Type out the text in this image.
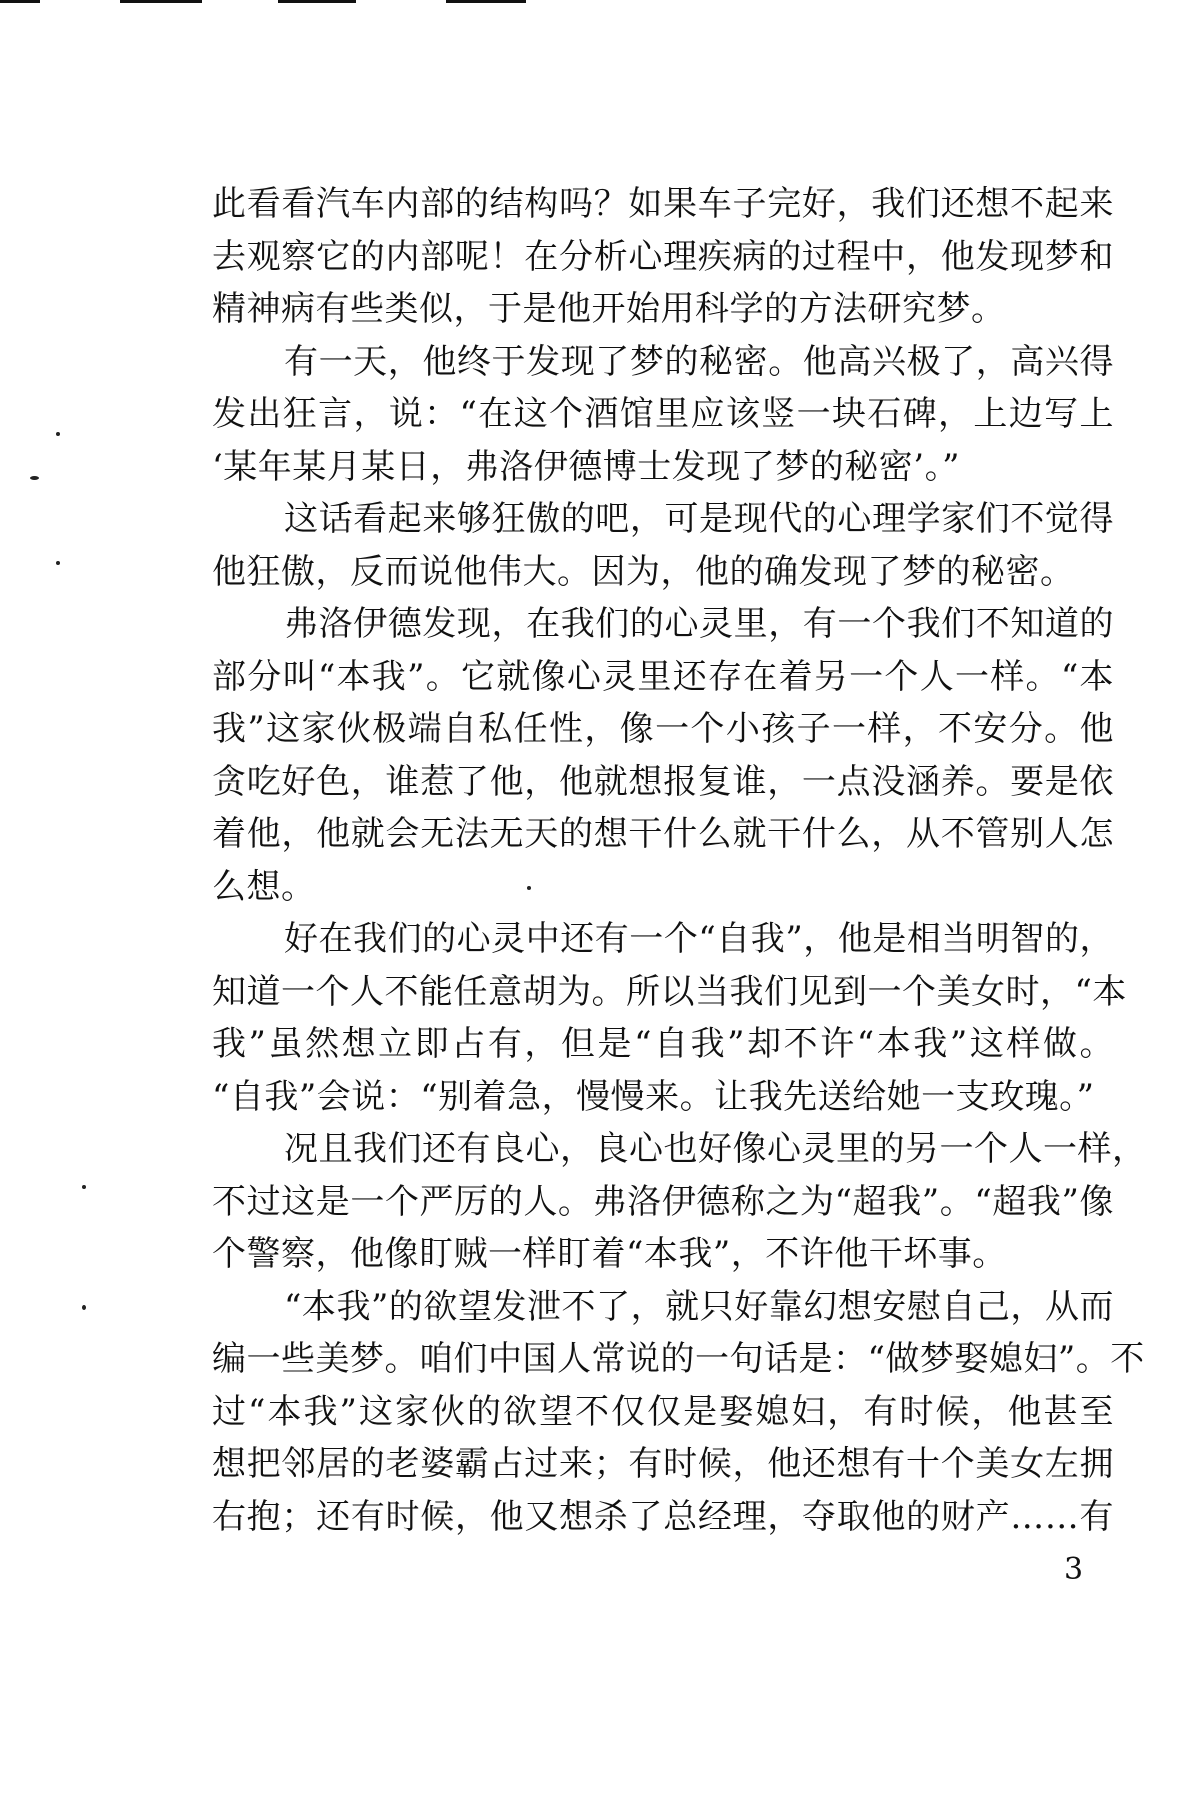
此看看汽车内部的结构吗？如果车子完好，我们还想不起来
去观察它的内部呢！在分析心理疾病的过程中，他发现梦和
精神病有些类似，于是他开始用科学的方法研究梦。
有一天，他终于发现了梦的秘密。他高兴极了，高兴得
发出狂言，说：“在这个酒馆里应该竖一块石碑，上边写上
‘某年某月某日，弗洛伊德博士发现了梦的秘密’。”
这话看起来够狂傲的吧，可是现代的心理学家们不觉得
他狂傲，反而说他伟大。因为，他的确发现了梦的秘密。
弗洛伊德发现，在我们的心灵里，有一个我们不知道的
部分叫“本我”。它就像心灵里还存在着另一个人一样。“本
我”这家伙极端自私任性，像一个小孩子一样，不安分。他
贪吃好色，谁惹了他，他就想报复谁，一点没涵养。要是依
着他，他就会无法无天的想干什么就干什么，从不管别人怎
么想。
好在我们的心灵中还有一个“自我”，他是相当明智的，
知道一个人不能任意胡为。所以当我们见到一个美女时，“本
我”虽然想立即占有，但是“自我”却不许“本我”这样做。
“自我”会说：“别着急，慢慢来。让我先送给她一支玫瑰。”
况且我们还有良心，良心也好像心灵里的另一个人一样，
不过这是一个严厉的人。弗洛伊德称之为“超我”。“超我”像
个警察，他像盯贼一样盯着“本我”，不许他干坏事。
“本我”的欲望发泄不了，就只好靠幻想安慰自己，从而
编一些美梦。咱们中国人常说的一句话是：“做梦娶媳妇”。不
过“本我”这家伙的欲望不仅仅是娶媳妇，有时候，他甚至
想把邻居的老婆霸占过来；有时候，他还想有十个美女左拥
右抱；还有时候，他又想杀了总经理，夺取他的财产……有
3
